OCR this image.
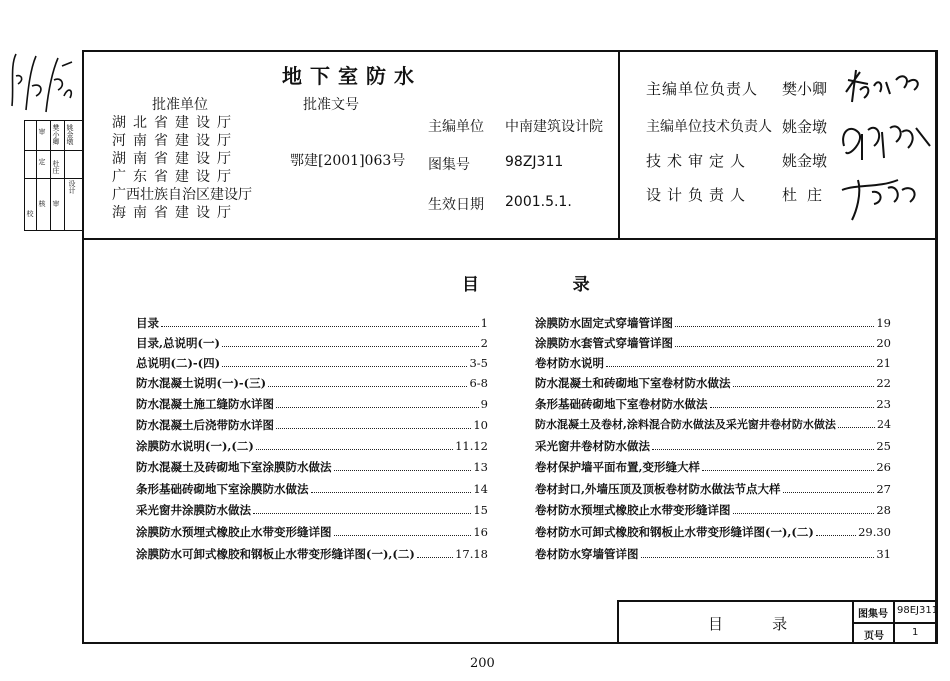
校
审
设计
核
定
审
樊小卿 姚金墩
杜庄
地下室防水
批准单位	批准文号
湖北省建设厅
河南省建设厅
湖南省建设厅
广东省建设厅
广西壮族自治区建设厅
海南省建设厅
鄂建[2001]063号
主编单位 中南建筑设计院
图集号	98ZJ311
生效日期 2001.5.1.
主编单位负责人 樊小卿
主编单位技术负责人 姚金墩
技术审定人 姚金墩
设计负责人 杜庄
目    录
目录	1
目录,总说明(一)	2
总说明(二)-(四)	3-5
防水混凝土说明(一)-(三)	6-8
防水混凝土施工缝防水详图	9
防水混凝土后浇带防水详图	10
涂膜防水说明(一),(二)	11.12
防水混凝土及砖砌地下室涂膜防水做法	13
条形基础砖砌地下室涂膜防水做法	14
采光窗井涂膜防水做法	15
涂膜防水预埋式橡胶止水带变形缝详图	16
涂膜防水可卸式橡胶和钢板止水带变形缝详图(一),(二)	17.18
涂膜防水固定式穿墙管详图	19
涂膜防水套管式穿墙管详图	20
卷材防水说明	21
防水混凝土和砖砌地下室卷材防水做法	22
条形基础砖砌地下室卷材防水做法	23
防水混凝土及卷材,涂料混合防水做法及采光窗井卷材防水做法	24
采光窗井卷材防水做法	25
卷材保护墙平面布置,变形缝大样	26
卷材封口,外墙压顶及顶板卷材防水做法节点大样	27
卷材防水预埋式橡胶止水带变形缝详图	28
卷材防水可卸式橡胶和钢板止水带变形缝详图(一),(二)	29.30
卷材防水穿墙管详图	31
目    录
图集号 98EJ311
页号	1
200
